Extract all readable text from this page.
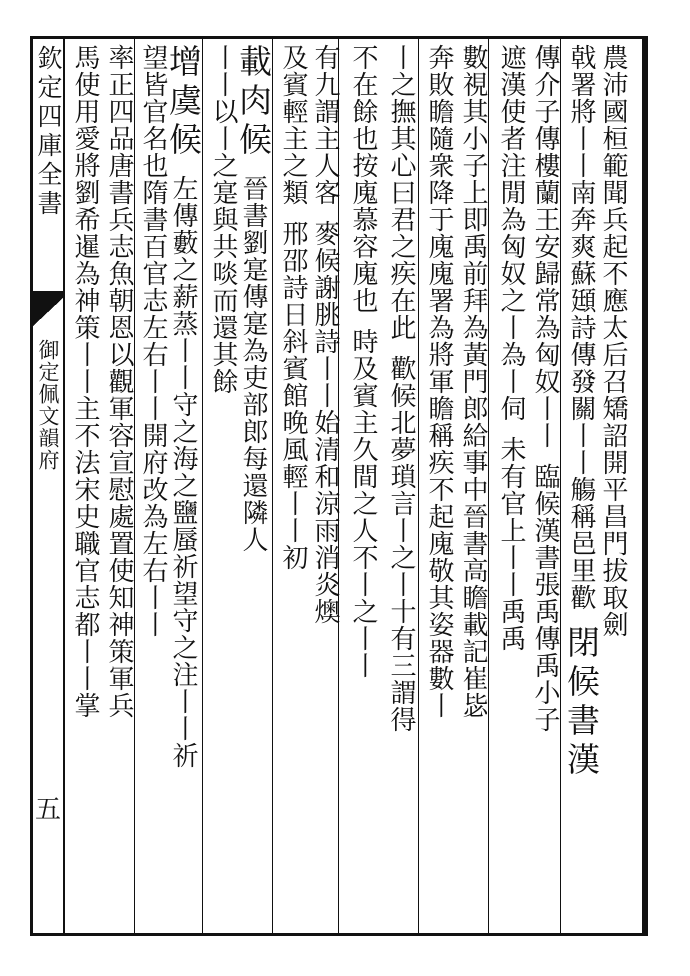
欽定四庫全書
御定佩文韻府
五
農沛國桓範聞兵起不應太后召矯詔開平昌門拔取劍
戟署將丨丨南奔爽蘇頲詩傳發關丨丨觴稱邑里歡閉候書漢
傳介子傳樓蘭王安歸常為匈奴丨丨臨候漢書張禹傳禹小子
遮漢使者注閒為匈奴之丨為丨伺未有官上丨丨禹禹
數視其小子上即禹前拜為黃門郎給事中晉書高瞻載記崔毖
奔敗瞻隨衆降于廆廆署為將軍瞻稱疾不起廆敬其姿器數丨
丨之撫其心曰君之疾在此歡候北夢瑣言丨之丨十有三謂得
不在餘也按廆慕容廆也時及賓主久間之人不丨之丨丨
有九謂主人客麥候謝朓詩丨丨始清和涼雨消炎燠
及賓輕主之類邢邵詩日斜賓館晚風輕丨丨初
載肉候晉書劉寔傳寔為吏部郎每還隣人
丨丨以丨之寔與共啖而還其餘
增虞候左傳藪之薪蒸丨丨守之海之鹽蜃祈望守之注丨丨祈
望皆官名也隋書百官志左右丨丨開府改為左右丨丨
率正四品唐書兵志魚朝恩以觀軍容宣慰處置使知神策軍兵
馬使用愛將劉希暹為神策丨丨主不法宋史職官志都丨丨掌
